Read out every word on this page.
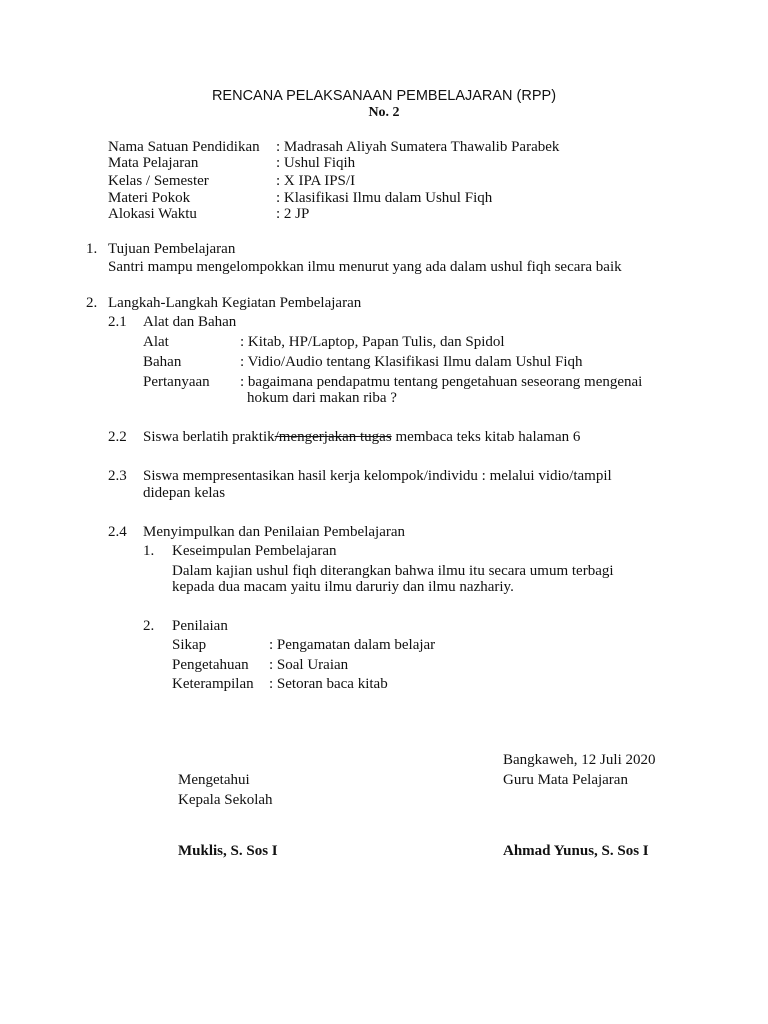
RENCANA PELAKSANAAN PEMBELAJARAN (RPP)
No. 2
Nama Satuan Pendidikan : Madrasah Aliyah Sumatera Thawalib Parabek
Mata Pelajaran	: Ushul Fiqih
Kelas / Semester	: X IPA IPS/I
Materi Pokok	: Klasifikasi Ilmu dalam Ushul Fiqh
Alokasi Waktu	: 2 JP
1. Tujuan Pembelajaran
Santri mampu mengelompokkan ilmu menurut yang ada dalam ushul fiqh secara baik
2. Langkah-Langkah Kegiatan Pembelajaran
2.1 Alat dan Bahan
Alat	: Kitab, HP/Laptop, Papan Tulis, dan Spidol
Bahan	: Vidio/Audio tentang Klasifikasi Ilmu dalam Ushul Fiqh
Pertanyaan : bagaimana pendapatmu tentang pengetahuan seseorang mengenai
hokum dari makan riba ?
2.2 Siswa berlatih praktik/mengerjakan tugas membaca teks kitab halaman 6
2.3 Siswa mempresentasikan hasil kerja kelompok/individu : melalui vidio/tampil
didepan kelas
2.4 Menyimpulkan dan Penilaian Pembelajaran
1. Keseimpulan Pembelajaran
Dalam kajian ushul fiqh diterangkan bahwa ilmu itu secara umum terbagi
kepada dua macam yaitu ilmu daruriy dan ilmu nazhariy.
2. Penilaian
Sikap	: Pengamatan dalam belajar
Pengetahuan : Soal Uraian
Keterampilan : Setoran baca kitab
Bangkaweh, 12 Juli 2020
Mengetahui	Guru Mata Pelajaran
Kepala Sekolah
Muklis, S. Sos I	Ahmad Yunus, S. Sos I
